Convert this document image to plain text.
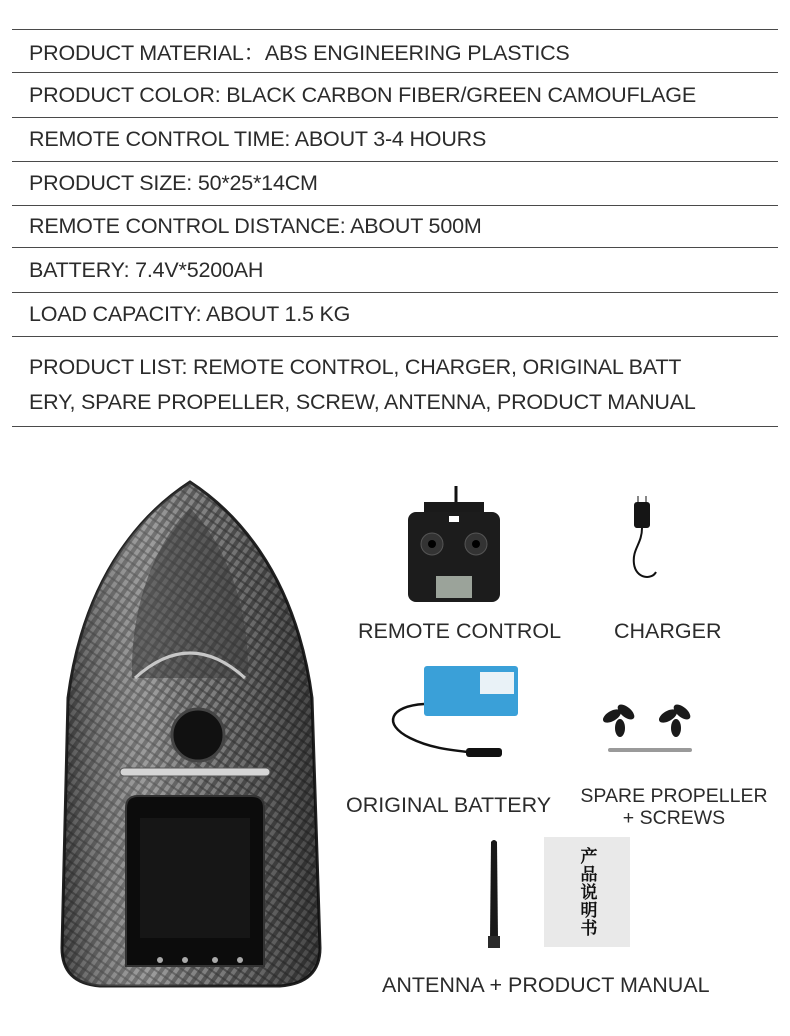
PRODUCT MATERIAL：ABS ENGINEERING PLASTICS
PRODUCT COLOR: BLACK CARBON FIBER/GREEN CAMOUFLAGE
REMOTE CONTROL TIME: ABOUT 3-4 HOURS
PRODUCT SIZE: 50*25*14CM
REMOTE CONTROL DISTANCE: ABOUT 500M
BATTERY: 7.4V*5200AH
LOAD CAPACITY: ABOUT 1.5 KG
PRODUCT LIST: REMOTE CONTROL, CHARGER, ORIGINAL BATT
ERY, SPARE PROPELLER, SCREW, ANTENNA, PRODUCT MANUAL
产品说明书
REMOTE CONTROL CHARGER
ORIGINAL BATTERY SPARE PROPELLER
+ SCREWS
ANTENNA + PRODUCT MANUAL
